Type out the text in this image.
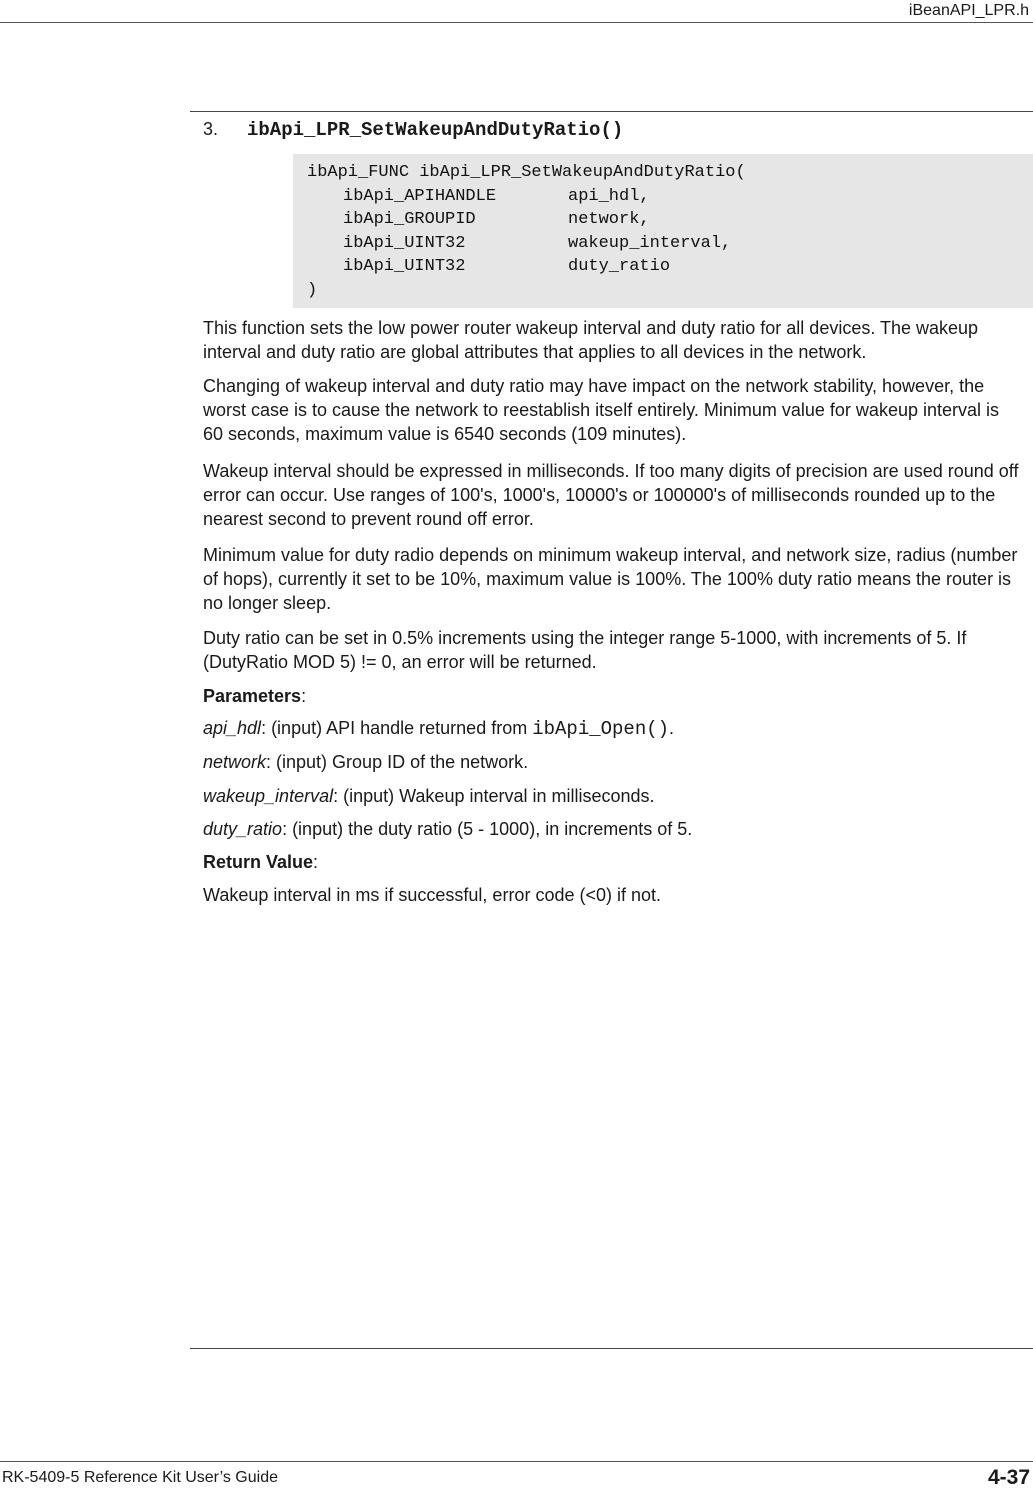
iBeanAPI_LPR.h
3. ibApi_LPR_SetWakeupAndDutyRatio()
ibApi_FUNC ibApi_LPR_SetWakeupAndDutyRatio(
ibApi_APIHANDLE	api_hdl,
ibApi_GROUPID	network,
ibApi_UINT32	wakeup_interval,
ibApi_UINT32	duty_ratio
)
This function sets the low power router wakeup interval and duty ratio for all devices. The wakeup interval and duty ratio are global attributes that applies to all devices in the network.
Changing of wakeup interval and duty ratio may have impact on the network stability, however, the worst case is to cause the network to reestablish itself entirely. Minimum value for wakeup interval is 60 seconds, maximum value is 6540 seconds (109 minutes).
Wakeup interval should be expressed in milliseconds. If too many digits of precision are used round off error can occur. Use ranges of 100's, 1000's, 10000's or 100000's of milliseconds rounded up to the nearest second to prevent round off error.
Minimum value for duty radio depends on minimum wakeup interval, and network size, radius (number of hops), currently it set to be 10%, maximum value is 100%. The 100% duty ratio means the router is no longer sleep.
Duty ratio can be set in 0.5% increments using the integer range 5-1000, with increments of 5. If (DutyRatio MOD 5) != 0, an error will be returned.
Parameters:
api_hdl: (input) API handle returned from ibApi_Open().
network: (input) Group ID of the network.
wakeup_interval: (input) Wakeup interval in milliseconds.
duty_ratio: (input) the duty ratio (5 - 1000), in increments of 5.
Return Value:
Wakeup interval in ms if successful, error code (<0) if not.
RK-5409-5 Reference Kit User’s Guide	4-37
